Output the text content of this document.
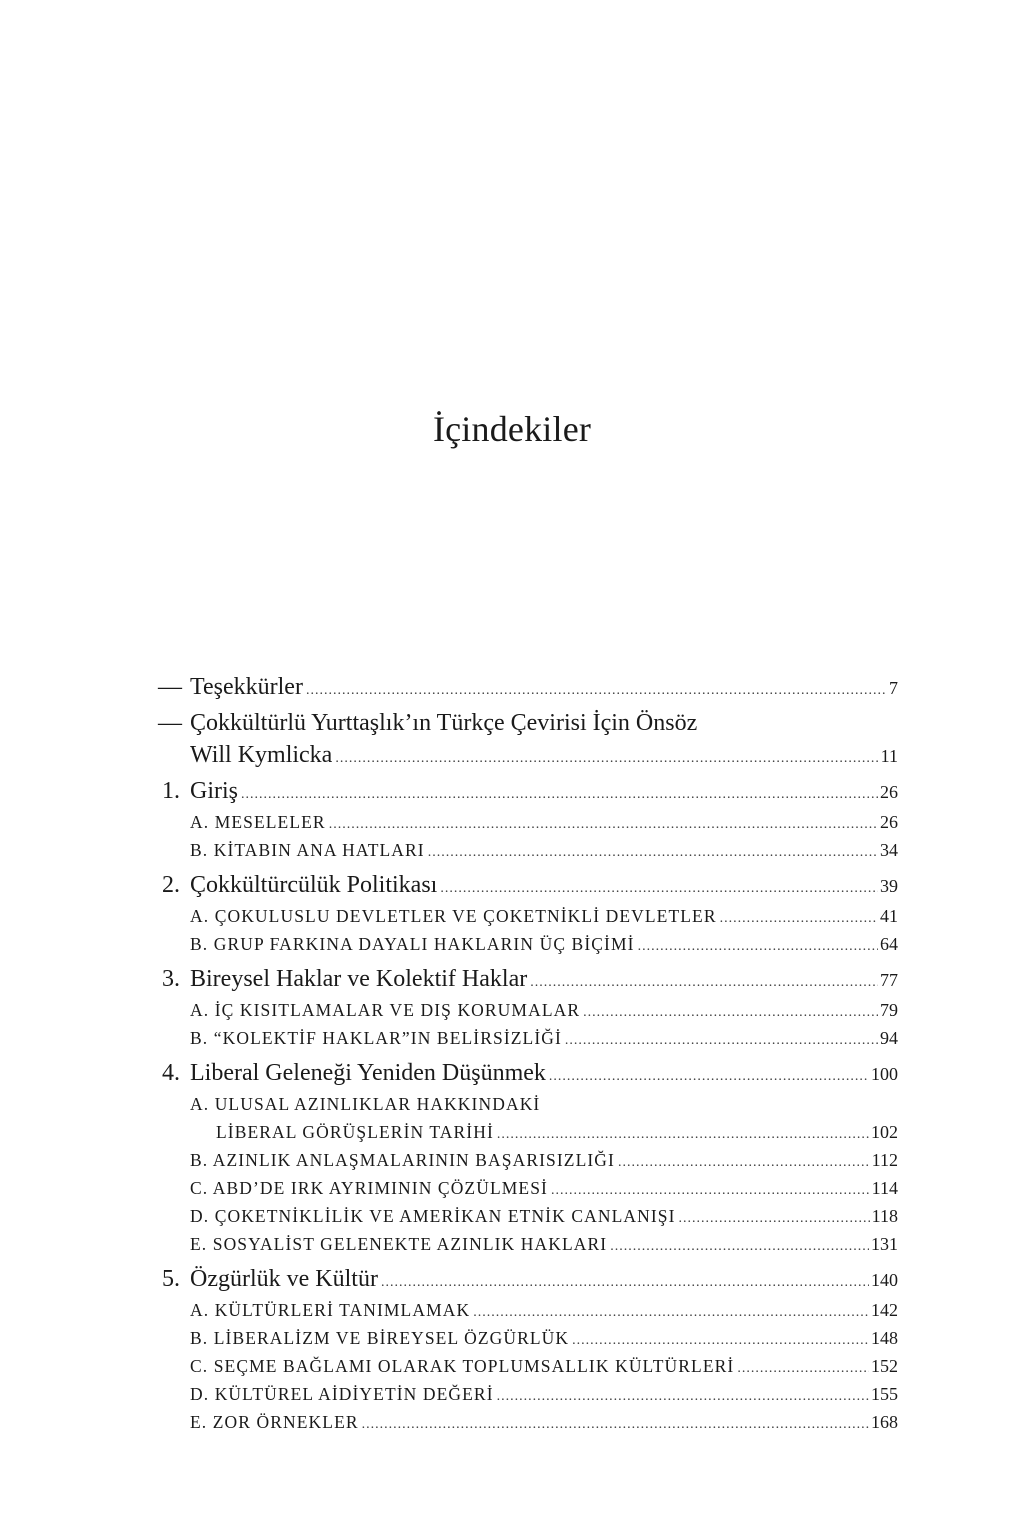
İçindekiler
— Teşekkürler .....	7
— Çokkültürlü Yurttaşlık’ın Türkçe Çevirisi İçin Önsöz
Will Kymlicka .....	11
1. Giriş .....	26
A. MESELELER .....	26
B. KİTABIN ANA HATLARI .....	34
2. Çokkültürcülük Politikası .....	39
A. ÇOKULUSLU DEVLETLER VE ÇOKETNİKLİ DEVLETLER .....	41
B. GRUP FARKINA DAYALI HAKLARIN ÜÇ BİÇİMİ .....	64
3. Bireysel Haklar ve Kolektif Haklar .....	77
A. İÇ KISITLAMALAR VE DIŞ KORUMALAR .....	79
B. “KOLEKTİF HAKLAR”IN BELİRSİZLİĞİ .....	94
4. Liberal Geleneği Yeniden Düşünmek .....	100
A. ULUSAL AZINLIKLAR HAKKINDAKİ
LİBERAL GÖRÜŞLERİN TARİHİ .....	102
B. AZINLIK ANLAŞMALARININ BAŞARISIZLIĞI .....	112
C. ABD’DE IRK AYRIMININ ÇÖZÜLMESİ .....	114
D. ÇOKETNİKLİLİK VE AMERİKAN ETNİK CANLANIŞI .....	118
E. SOSYALİST GELENEKTE AZINLIK HAKLARI .....	131
5. Özgürlük ve Kültür .....	140
A. KÜLTÜRLERİ TANIMLAMAK .....	142
B. LİBERALİZM VE BİREYSEL ÖZGÜRLÜK .....	148
C. SEÇME BAĞLAMI OLARAK TOPLUMSALLIK KÜLTÜRLERİ .....	152
D. KÜLTÜREL AİDİYETİN DEĞERİ .....	155
E. ZOR ÖRNEKLER .....	168
